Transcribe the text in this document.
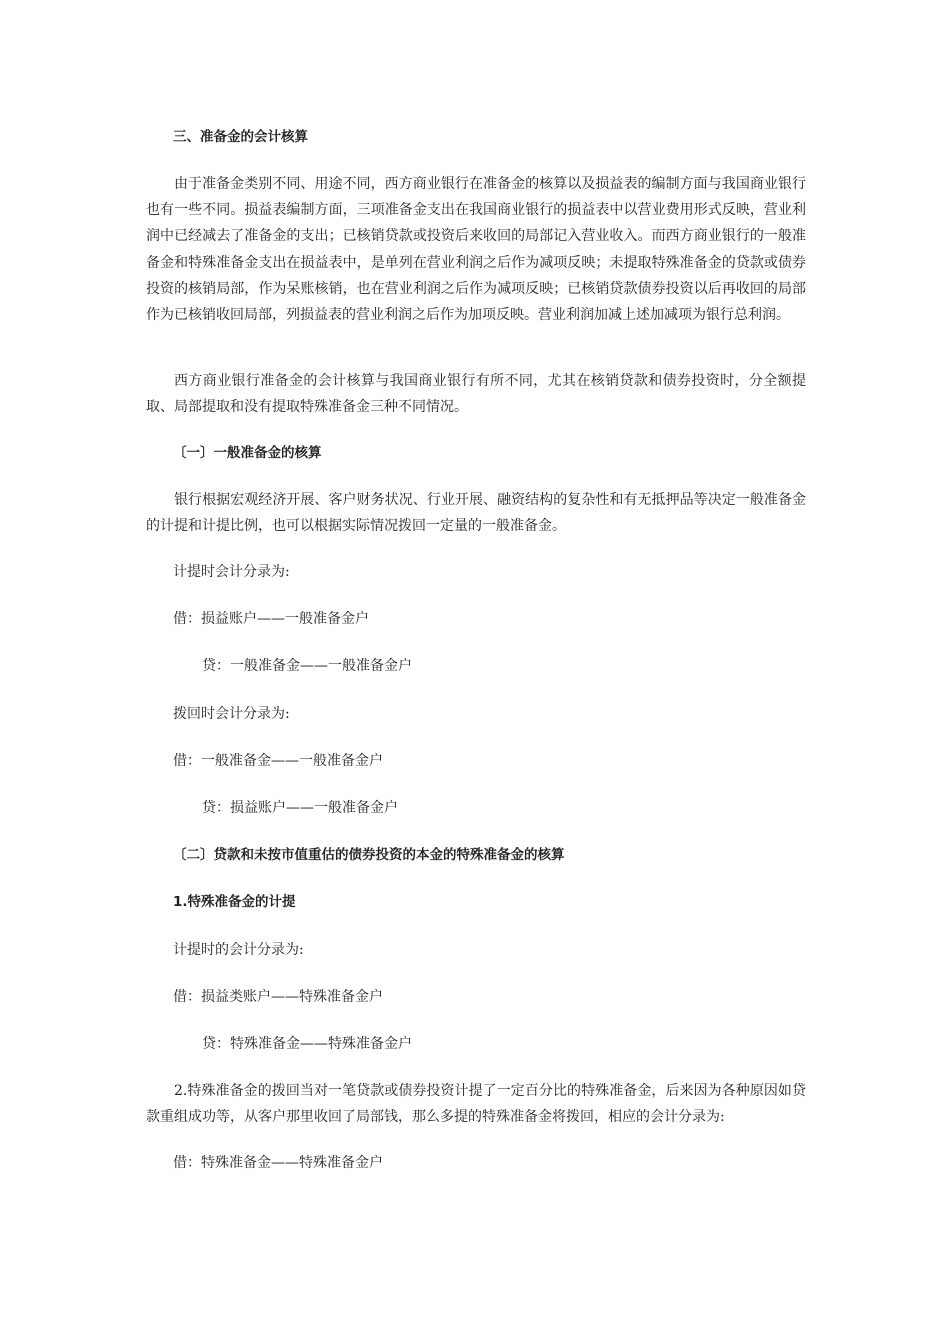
三、准备金的会计核算

由于准备金类别不同、用途不同，西方商业银行在准备金的核算以及损益表的编制方面与我国商业银行也有一些不同。损益表编制方面，三项准备金支出在我国商业银行的损益表中以营业费用形式反映，营业利润中已经减去了准备金的支出；已核销贷款或投资后来收回的局部记入营业收入。而西方商业银行的一般准备金和特殊准备金支出在损益表中，是单列在营业利润之后作为减项反映；未提取特殊准备金的贷款或债券投资的核销局部，作为呆账核销，也在营业利润之后作为减项反映；已核销贷款债券投资以后再收回的局部作为已核销收回局部，列损益表的营业利润之后作为加项反映。营业利润加减上述加减项为银行总利润。

西方商业银行准备金的会计核算与我国商业银行有所不同，尤其在核销贷款和债券投资时，分全额提取、局部提取和没有提取特殊准备金三种不同情况。

〔一〕一般准备金的核算

银行根据宏观经济开展、客户财务状况、行业开展、融资结构的复杂性和有无抵押品等决定一般准备金的计提和计提比例，也可以根据实际情况拨回一定量的一般准备金。

计提时会计分录为:
借：损益账户——一般准备金户
贷：一般准备金——一般准备金户
拨回时会计分录为:
借：一般准备金——一般准备金户
贷：损益账户——一般准备金户
〔二〕贷款和未按市值重估的债券投资的本金的特殊准备金的核算
1.特殊准备金的计提
计提时的会计分录为:
借：损益类账户——特殊准备金户
贷：特殊准备金——特殊准备金户

2.特殊准备金的拨回当对一笔贷款或债券投资计提了一定百分比的特殊准备金，后来因为各种原因如贷款重组成功等，从客户那里收回了局部钱，那么多提的特殊准备金将拨回，相应的会计分录为:

借：特殊准备金——特殊准备金户
